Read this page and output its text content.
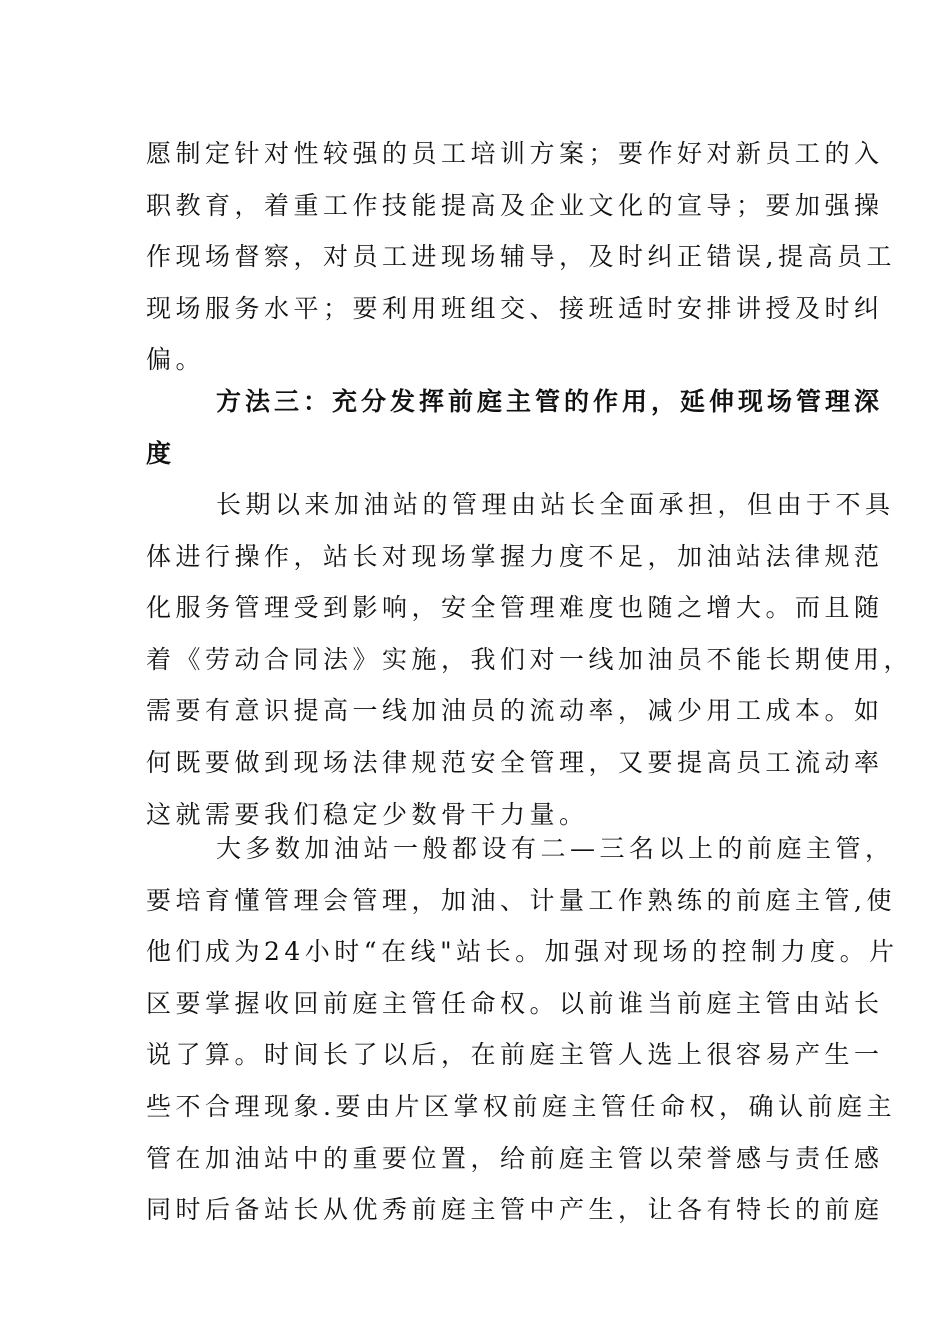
愿制定针对性较强的员工培训方案；要作好对新员工的入
职教育，着重工作技能提高及企业文化的宣导；要加强操
作现场督察，对员工进现场辅导，及时纠正错误,提高员工
现场服务水平；要利用班组交、接班适时安排讲授及时纠
偏。
方法三：充分发挥前庭主管的作用，延伸现场管理深
度
长期以来加油站的管理由站长全面承担，但由于不具
体进行操作，站长对现场掌握力度不足，加油站法律规范
化服务管理受到影响，安全管理难度也随之增大。而且随
着《劳动合同法》实施，我们对一线加油员不能长期使用，
需要有意识提高一线加油员的流动率，减少用工成本。如
何既要做到现场法律规范安全管理，又要提高员工流动率
这就需要我们稳定少数骨干力量。
大多数加油站一般都设有二—三名以上的前庭主管，
要培育懂管理会管理，加油、计量工作熟练的前庭主管,使
他们成为24小时“在线"站长。加强对现场的控制力度。片
区要掌握收回前庭主管任命权。以前谁当前庭主管由站长
说了算。时间长了以后，在前庭主管人选上很容易产生一
些不合理现象.要由片区掌权前庭主管任命权，确认前庭主
管在加油站中的重要位置，给前庭主管以荣誉感与责任感
同时后备站长从优秀前庭主管中产生，让各有特长的前庭
